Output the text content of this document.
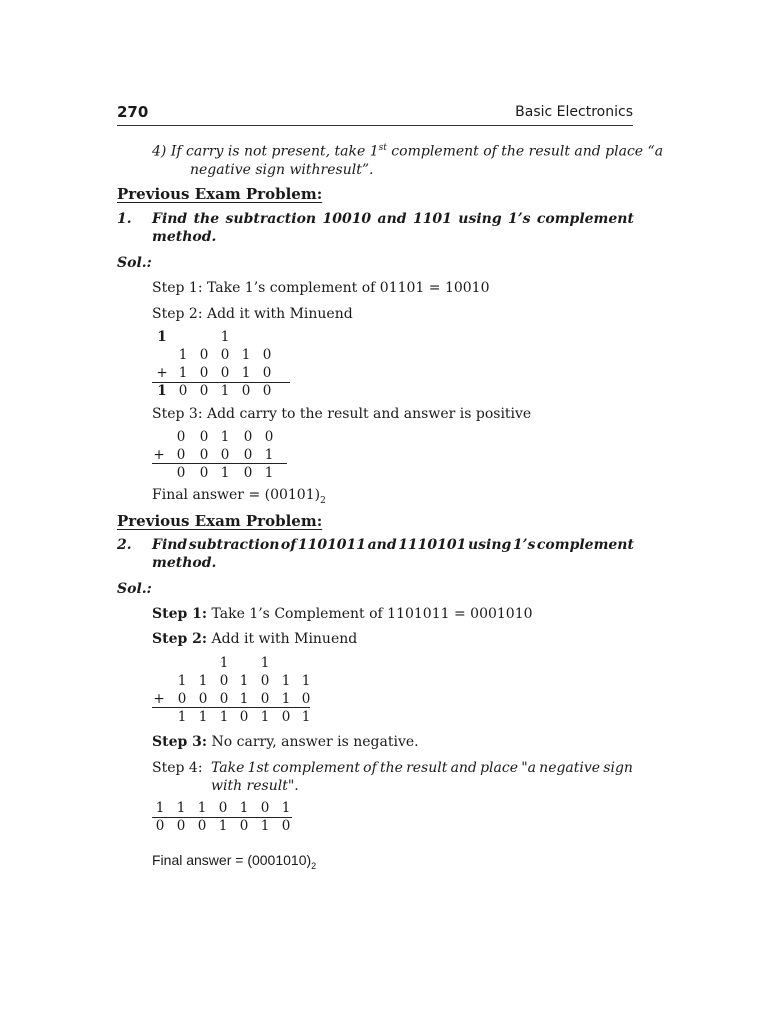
270	Basic Electronics
4) If carry is not present, take 1st complement of the result and place “a
negative sign withresult”.
Previous Exam Problem:
1. Find the subtraction 10010 and 1101 using 1’s complement
method.
Sol.:
Step 1: Take 1’s complement of 01101 = 10010
Step 2: Add it with Minuend
1	1
1 0 0 1 0
+ 1 0 0 1 0
1 0 0 1 0 0
Step 3: Add carry to the result and answer is positive
0	0 1	0 0
+ 0	0 0	0 1
0	0 1	0 1
Final answer = $(00101)_2$
Previous Exam Problem:
2. Find subtraction of 1101011 and 1110101 using 1’s complement
method.
Sol.:
Step 1: Take 1’s Complement of 1101011 = 0001010
Step 2: Add it with Minuend
1	1
1 1 0 1 0 1 1
+ 0 0 0 1 0 1 0
1 1 1 0 1 0 1
Step 3: No carry, answer is negative.
Step 4: Take 1st complement of the result and place "a negative sign
with result".
1 1 1 0 1 0 1
0 0 0 1 0 1 0
Final answer = $(0001010)_2$
